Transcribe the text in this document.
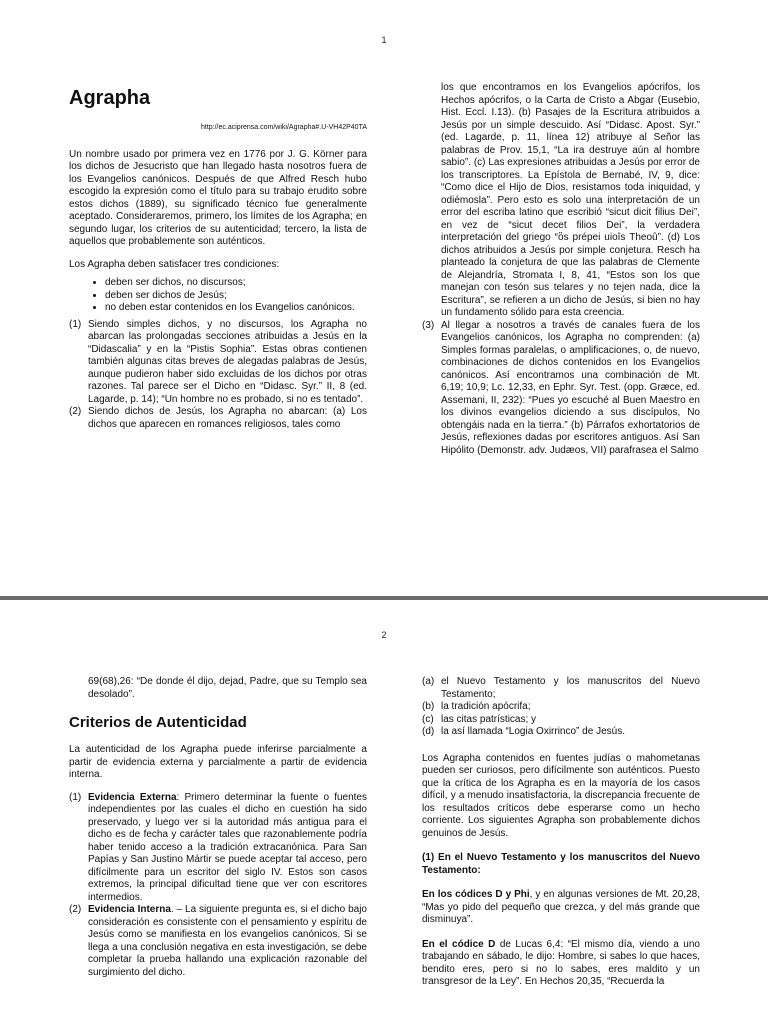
1
Agrapha
http://ec.aciprensa.com/wiki/Agrapha#.U-VH42P40TA

Un nombre usado por primera vez en 1776 por J. G. Körner para los dichos de Jesucristo que han llegado hasta nosotros fuera de los Evangelios canónicos. Después de que Alfred Resch hubo escogido la expresión como el título para su trabajo erudito sobre estos dichos (1889), su significado técnico fue generalmente aceptado. Consideraremos, primero, los límites de los Agrapha; en segundo lugar, los criterios de su autenticidad; tercero, la lista de aquellos que probablemente son auténticos.

Los Agrapha deben satisfacer tres condiciones:

• deben ser dichos, no discursos;
• deben ser dichos de Jesús;
• no deben estar contenidos en los Evangelios canónicos.
(1) Siendo simples dichos, y no discursos, los Agrapha no abarcan las prolongadas secciones atribuidas a Jesús en la “Didascalia” y en la “Pistis Sophia”. Estas obras contienen también algunas citas breves de alegadas palabras de Jesús, aunque pudieron haber sido excluidas de los dichos por otras razones. Tal parece ser el Dicho en “Didasc. Syr.” II, 8 (ed. Lagarde, p. 14); “Un hombre no es probado, si no es tentado”.
(2) Siendo dichos de Jesús, los Agrapha no abarcan: (a) Los dichos que aparecen en romances religiosos, tales como

los que encontramos en los Evangelios apócrifos, los Hechos apócrifos, o la Carta de Cristo a Abgar (Eusebio, Hist. Eccl. I.13). (b) Pasajes de la Escritura atribuidos a Jesús por un simple descuido. Así “Didasc. Apost. Syr.” (ed. Lagarde, p. 11, línea 12) atribuye al Señor las palabras de Prov. 15,1, “La ira destruye aún al hombre sabio”. (c) Las expresiones atribuidas a Jesús por error de los transcriptores. La Epístola de Bernabé, IV, 9, dice: “Como dice el Hijo de Dios, resistamos toda iniquidad, y odiémosla”. Pero esto es solo una interpretación de un error del escriba latino que escribió “sicut dicit filius Dei”, en vez de “sicut decet filios Dei”, la verdadera interpretación del griego “ὃs prépei uioîs Theoû”. (d) Los dichos atribuidos a Jesús por simple conjetura. Resch ha planteado la conjetura de que las palabras de Clemente de Alejandría, Stromata I, 8, 41, “Estos son los que manejan con tesón sus telares y no tejen nada, dice la Escritura”, se refieren a un dicho de Jesús, si bien no hay un fundamento sólido para esta creencia.

(3) Al llegar a nosotros a través de canales fuera de los Evangelios canónicos, los Agrapha no comprenden: (a) Simples formas paralelas, o amplificaciones, o, de nuevo, combinaciones de dichos contenidos en los Evangelios canónicos. Así encontramos una combinación de Mt. 6,19; 10,9; Lc. 12,33, en Ephr. Syr. Test. (opp. Græce, ed. Assemani, II, 232): “Pues yo escuché al Buen Maestro en los divinos evangelios diciendo a sus discípulos, No obtengáis nada en la tierra.” (b) Párrafos exhortatorios de Jesús, reflexiones dadas por escritores antiguos. Así San Hipólito (Demonstr. adv. Judæos, VII) parafrasea el Salmo
2

69(68),26: “De donde él dijo, dejad, Padre, que su Templo sea desolado”.

Criterios de Autenticidad

La autenticidad de los Agrapha puede inferirse parcialmente a partir de evidencia externa y parcialmente a partir de evidencia interna.

(1) Evidencia Externa: Primero determinar la fuente o fuentes independientes por las cuales el dicho en cuestión ha sido preservado, y luego ver si la autoridad más antigua para el dicho es de fecha y carácter tales que razonablemente podría haber tenido acceso a la tradición extracanónica. Para San Papías y San Justino Mártir se puede aceptar tal acceso, pero difícilmente para un escritor del siglo IV. Estos son casos extremos, la principal dificultad tiene que ver con escritores intermedios.
(2) Evidencia Interna. – La siguiente pregunta es, si el dicho bajo consideración es consistente con el pensamiento y espíritu de Jesús como se manifiesta en los evangelios canónicos. Si se llega a una conclusión negativa en esta investigación, se debe completar la prueba hallando una explicación razonable del surgimiento del dicho.
(a) el Nuevo Testamento y los manuscritos del Nuevo Testamento;
(b) la tradición apócrifa;
(c) las citas patrísticas; y
(d) la así llamada “Logia Oxirrinco” de Jesús.

Los Agrapha contenidos en fuentes judías o mahometanas pueden ser curiosos, pero difícilmente son auténticos. Puesto que la crítica de los Agrapha es en la mayoría de los casos difícil, y a menudo insatisfactoria, la discrepancia frecuente de los resultados críticos debe esperarse como un hecho corriente. Los siguientes Agrapha son probablemente dichos genuinos de Jesús.

(1) En el Nuevo Testamento y los manuscritos del Nuevo Testamento:

En los códices D y Phi, y en algunas versiones de Mt. 20,28, “Mas yo pido del pequeño que crezca, y del más grande que disminuya”.

En el códice D de Lucas 6,4: “El mismo día, viendo a uno trabajando en sábado, le dijo: Hombre, si sabes lo que haces, bendito eres, pero si no lo sabes, eres maldito y un transgresor de la Ley”. En Hechos 20,35, “Recuerda la
